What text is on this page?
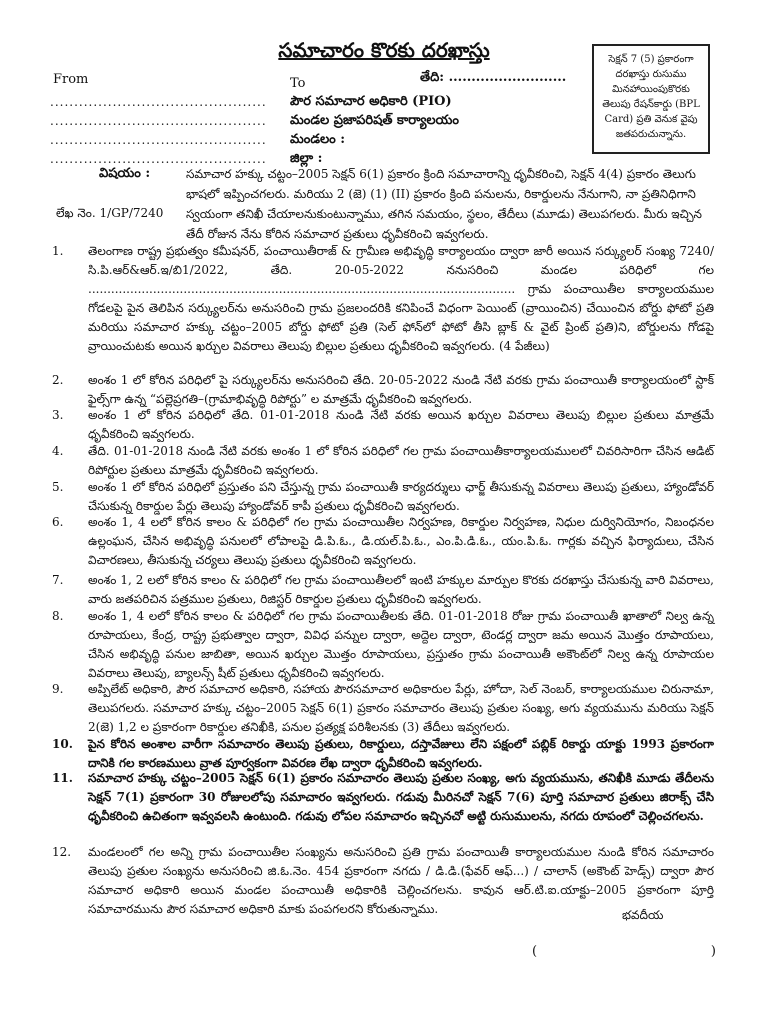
సమాచారం కొరకు దరఖాస్తు	సెక్షన్ 7 (5) ప్రకారంగా దరఖాస్తు రుసుము మినహాయింపుకొరకు తెలుపు రేషన్‌కార్డు (BPL Card) ప్రతి వెనుక వైపు జతపరుచున్నాను.
From
.............................................
.............................................
.............................................
.............................................
తేది: ..........................
To
పౌర సమాచార అధికారి (PIO)
మండల ప్రజాపరిషత్ కార్యాలయం
మండలం :
జిల్లా :
విషయం :
లేఖ నెం. 1/GP/7240
సమాచార హక్కు చట్టం–2005 సెక్షన్ 6(1) ప్రకారం క్రింది సమాచారాన్ని ధృవీకరించి, సెక్షన్ 4(4) ప్రకారం తెలుగు భాషలో ఇప్పించగలరు. మరియు 2 (జె) (1) (II) ప్రకారం క్రింది పనులను, రికార్డులను నేనుగాని, నా ప్రతినిధిగాని స్వయంగా తనిఖీ చేయాలనుకుంటున్నాము, తగిన సమయం, స్థలం, తేదీలు (మూడు) తెలుపగలరు. మీరు ఇచ్చిన తేదీ రోజున నేను కోరిన సమాచార ప్రతులు ధృవీకరించి ఇవ్వగలరు.
1. తెలంగాణ రాష్ట్ర ప్రభుత్వం కమీషనర్, పంచాయితీరాజ్ & గ్రామీణ అభివృద్ధి కార్యాలయం ద్వారా జారీ అయిన సర్క్యులర్ సంఖ్య 7240/సి.పి.ఆర్&ఆర్.ఇ/బి1/2022, తేది. 20-05-2022 ననుసరించి మండల పరిధిలో గల ................................................................................................................ గ్రామ పంచాయితీల కార్యాలయముల గోడలపై పైన తెలిపిన సర్క్యులర్‌ను అనుసరించి గ్రామ ప్రజలందరికి కనిపించే విధంగా పెయింట్ (వ్రాయించిన) చేయించిన బోర్డు ఫోటో ప్రతి మరియు సమాచార హక్కు చట్టం–2005 బోర్డు ఫోటో ప్రతి (సెల్ ఫోన్‌లో ఫోటో తీసి బ్లాక్ & వైట్ ప్రింట్ ప్రతి)ని, బోర్డులను గోడపై వ్రాయించుటకు అయిన ఖర్చుల వివరాలు తెలుపు బిల్లుల ప్రతులు ధృవీకరించి ఇవ్వగలరు. (4 పేజీలు)
2. అంశం 1 లో కోరిన పరిధిలో పై సర్క్యులర్‌ను అనుసరించి తేది. 20-05-2022 నుండి నేటి వరకు గ్రామ పంచాయితీ కార్యాలయంలో స్టాక్ ఫైల్స్‌గా ఉన్న “పల్లెప్రగతి–(గ్రామాభివృద్ధి రిపోర్టు” ల మాత్రమే ధృవీకరించి ఇవ్వగలరు.
3. అంశం 1 లో కోరిన పరిధిలో తేది. 01-01-2018 నుండి నేటి వరకు అయిన ఖర్చుల వివరాలు తెలుపు బిల్లుల ప్రతులు మాత్రమే ధృవీకరించి ఇవ్వగలరు.
4. తేది. 01-01-2018 నుండి నేటి వరకు అంశం 1 లో కోరిన పరిధిలో గల గ్రామ పంచాయితీకార్యాలయములలో చివరిసారిగా చేసిన ఆడిట్ రిపోర్టుల ప్రతులు మాత్రమే ధృవీకరించి ఇవ్వగలరు.
5. అంశం 1 లో కోరిన పరిధిలో ప్రస్తుతం పని చేస్తున్న గ్రామ పంచాయితీ కార్యదర్శులు ఛార్జ్ తీసుకున్న వివరాలు తెలుపు ప్రతులు, హ్యాండోవర్ చేసుకున్న రికార్డుల పేర్లు తెలుపు హ్యాండోవర్ కాపీ ప్రతులు ధృవీకరించి ఇవ్వగలరు.
6. అంశం 1, 4 లలో కోరిన కాలం & పరిధిలో గల గ్రామ పంచాయితీల నిర్వహణ, రికార్డుల నిర్వహణ, నిధుల దుర్వినియోగం, నిబంధనల ఉల్లంఘన, చేసిన అభివృద్ధి పనులలో లోపాలపై డి.పి.ఓ., డి.యల్.పి.ఓ., ఎం.పి.డి.ఓ., యం.పి.ఓ. గార్లకు వచ్చిన ఫిర్యాదులు, చేసిన విచారణలు, తీసుకున్న చర్యలు తెలుపు ప్రతులు ధృవీకరించి ఇవ్వగలరు.
7. అంశం 1, 2 లలో కోరిన కాలం & పరిధిలో గల గ్రామ పంచాయితీలలో ఇంటి హక్కుల మార్పుల కొరకు దరఖాస్తు చేసుకున్న వారి వివరాలు, వారు జతపరిచిన పత్రముల ప్రతులు, రిజిస్టర్ రికార్డుల ప్రతులు ధృవీకరించి ఇవ్వగలరు.
8. అంశం 1, 4 లలో కోరిన కాలం & పరిధిలో గల గ్రామ పంచాయితీలకు తేది. 01-01-2018 రోజు గ్రామ పంచాయితీ ఖాతాలో నిల్వ ఉన్న రూపాయలు, కేంద్ర, రాష్ట్ర ప్రభుత్వాల ద్వారా, వివిధ పన్నుల ద్వారా, అద్దెల ద్వారా, టెండర్ల ద్వారా జమ అయిన మొత్తం రూపాయలు, చేసిన అభివృద్ధి పనుల జాబితా, అయిన ఖర్చుల మొత్తం రూపాయలు, ప్రస్తుతం గ్రామ పంచాయితీ అకౌంట్‌లో నిల్వ ఉన్న రూపాయల వివరాలు తెలుపు, బ్యాలన్స్ షీట్ ప్రతులు ధృవీకరించి ఇవ్వగలరు.
9. అప్పిలేట్ అధికారి, పౌర సమాచార అధికారి, సహాయ పౌరసమాచార అధికారుల పేర్లు, హోదా, సెల్ నెంబర్, కార్యాలయముల చిరునామా, తెలుపగలరు. సమాచార హక్కు చట్టం–2005 సెక్షన్ 6(1) ప్రకారం సమాచారం తెలుపు ప్రతుల సంఖ్య, అగు వ్యయమును మరియు సెక్షన్ 2(జె) 1,2 ల ప్రకారంగా రికార్డుల తనిఖీకి, పనుల ప్రత్యక్ష పరిశీలనకు (3) తేదీలు ఇవ్వగలరు.
10. పైన కోరిన అంశాల వారీగా సమాచారం తెలుపు ప్రతులు, రికార్డులు, దస్తావేజులు లేని పక్షంలో పబ్లిక్ రికార్డు యాక్టు 1993 ప్రకారంగా దానికి గల కారణములు వ్రాత పూర్వకంగా వివరణ లేఖ ద్వారా ధృవీకరించి ఇవ్వగలరు.
11. సమాచార హక్కు చట్టం–2005 సెక్షన్ 6(1) ప్రకారం సమాచారం తెలుపు ప్రతుల సంఖ్య, అగు వ్యయమును, తనిఖీకి మూడు తేదీలను సెక్షన్ 7(1) ప్రకారంగా 30 రోజులలోపు సమాచారం ఇవ్వగలరు. గడువు మీరినచో సెక్షన్ 7(6) పూర్తి సమాచార ప్రతులు జిరాక్స్ చేసి ధృవీకరించి ఉచితంగా ఇవ్వవలసి ఉంటుంది. గడువు లోపల సమాచారం ఇచ్చినచో అట్టి రుసుములను, నగదు రూపంలో చెల్లించగలను.
12. మండలంలో గల అన్ని గ్రామ పంచాయితీల సంఖ్యను అనుసరించి ప్రతి గ్రామ పంచాయితీ కార్యాలయముల నుండి కోరిన సమాచారం తెలుపు ప్రతుల సంఖ్యను అనుసరించి జి.ఓ.నెం. 454 ప్రకారంగా నగదు / డి.డి.(ఫేవర్ ఆఫ్...) / చాలాన్ (అకౌంట్ హెడ్స్) ద్వారా పౌర సమాచార అధికారి అయిన మండల పంచాయితీ అధికారికి చెల్లించగలను. కావున ఆర్.టి.ఐ.యాక్టు–2005 ప్రకారంగా పూర్తి సమాచారమును పౌర సమాచార అధికారి మాకు పంపగలరని కోరుతున్నాము.	భవదీయ
(	)
